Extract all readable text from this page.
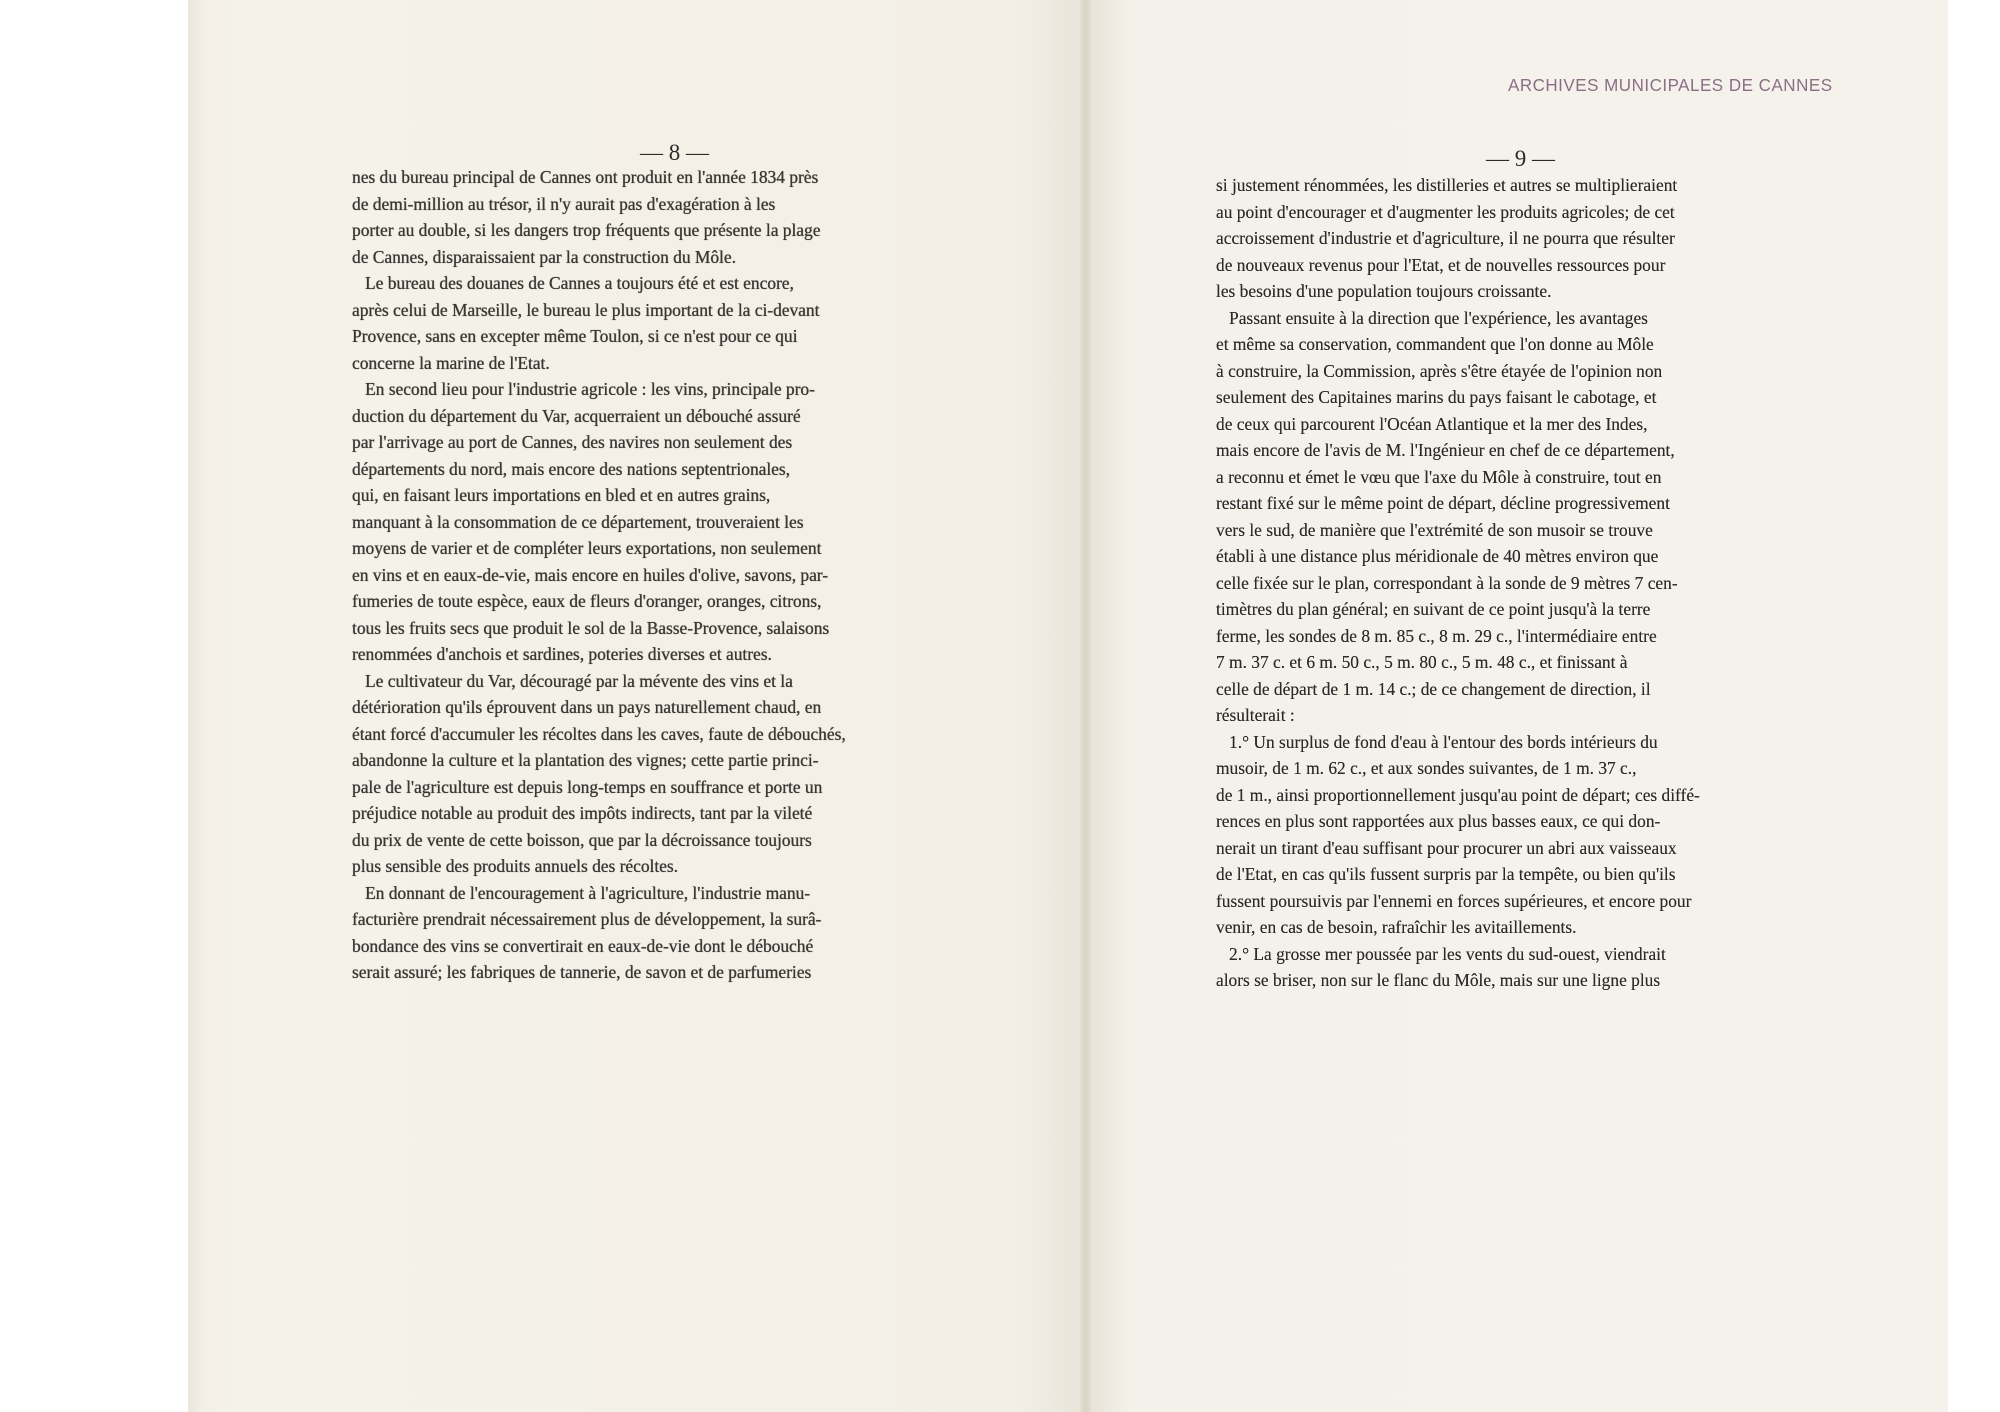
ARCHIVES MUNICIPALES DE CANNES
— 8 —	— 9 —
nes du bureau principal de Cannes ont produit en l'année 1834 près
de demi-million au trésor, il n'y aurait pas d'exagération à les
porter au double, si les dangers trop fréquents que présente la plage
de Cannes, disparaissaient par la construction du Môle.
Le bureau des douanes de Cannes a toujours été et est encore,
après celui de Marseille, le bureau le plus important de la ci-devant
Provence, sans en excepter même Toulon, si ce n'est pour ce qui
concerne la marine de l'Etat.
En second lieu pour l'industrie agricole : les vins, principale pro-
duction du département du Var, acquerraient un débouché assuré
par l'arrivage au port de Cannes, des navires non seulement des
départements du nord, mais encore des nations septentrionales,
qui, en faisant leurs importations en bled et en autres grains,
manquant à la consommation de ce département, trouveraient les
moyens de varier et de compléter leurs exportations, non seulement
en vins et en eaux-de-vie, mais encore en huiles d'olive, savons, par-
fumeries de toute espèce, eaux de fleurs d'oranger, oranges, citrons,
tous les fruits secs que produit le sol de la Basse-Provence, salaisons
renommées d'anchois et sardines, poteries diverses et autres.
Le cultivateur du Var, découragé par la mévente des vins et la
détérioration qu'ils éprouvent dans un pays naturellement chaud, en
étant forcé d'accumuler les récoltes dans les caves, faute de débouchés,
abandonne la culture et la plantation des vignes; cette partie princi-
pale de l'agriculture est depuis long-temps en souffrance et porte un
préjudice notable au produit des impôts indirects, tant par la vileté
du prix de vente de cette boisson, que par la décroissance toujours
plus sensible des produits annuels des récoltes.
En donnant de l'encouragement à l'agriculture, l'industrie manu-
facturière prendrait nécessairement plus de développement, la surâ-
bondance des vins se convertirait en eaux-de-vie dont le débouché
serait assuré; les fabriques de tannerie, de savon et de parfumeries
si justement rénommées, les distilleries et autres se multiplieraient
au point d'encourager et d'augmenter les produits agricoles; de cet
accroissement d'industrie et d'agriculture, il ne pourra que résulter
de nouveaux revenus pour l'Etat, et de nouvelles ressources pour
les besoins d'une population toujours croissante.
Passant ensuite à la direction que l'expérience, les avantages
et même sa conservation, commandent que l'on donne au Môle
à construire, la Commission, après s'être étayée de l'opinion non
seulement des Capitaines marins du pays faisant le cabotage, et
de ceux qui parcourent l'Océan Atlantique et la mer des Indes,
mais encore de l'avis de M. l'Ingénieur en chef de ce département,
a reconnu et émet le vœu que l'axe du Môle à construire, tout en
restant fixé sur le même point de départ, décline progressivement
vers le sud, de manière que l'extrémité de son musoir se trouve
établi à une distance plus méridionale de 40 mètres environ que
celle fixée sur le plan, correspondant à la sonde de 9 mètres 7 cen-
timètres du plan général; en suivant de ce point jusqu'à la terre
ferme, les sondes de 8 m. 85 c., 8 m. 29 c., l'intermédiaire entre
7 m. 37 c. et 6 m. 50 c., 5 m. 80 c., 5 m. 48 c., et finissant à
celle de départ de 1 m. 14 c.; de ce changement de direction, il
résulterait :
1.° Un surplus de fond d'eau à l'entour des bords intérieurs du
musoir, de 1 m. 62 c., et aux sondes suivantes, de 1 m. 37 c.,
de 1 m., ainsi proportionnellement jusqu'au point de départ; ces diffé-
rences en plus sont rapportées aux plus basses eaux, ce qui don-
nerait un tirant d'eau suffisant pour procurer un abri aux vaisseaux
de l'Etat, en cas qu'ils fussent surpris par la tempête, ou bien qu'ils
fussent poursuivis par l'ennemi en forces supérieures, et encore pour
venir, en cas de besoin, rafraîchir les avitaillements.
2.° La grosse mer poussée par les vents du sud-ouest, viendrait
alors se briser, non sur le flanc du Môle, mais sur une ligne plus
